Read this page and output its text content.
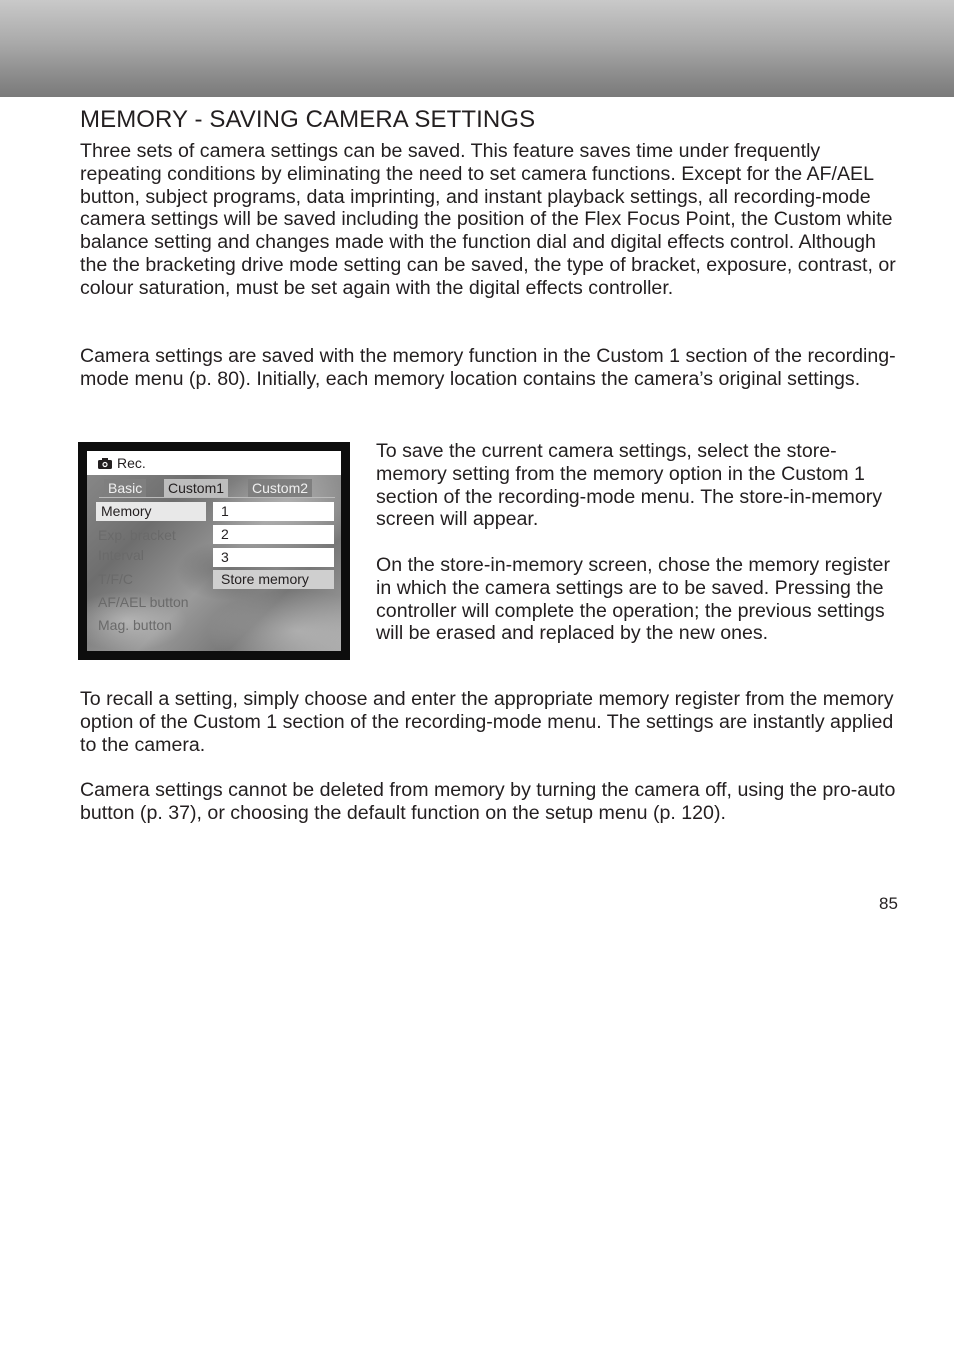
MEMORY - SAVING CAMERA SETTINGS

Three sets of camera settings can be saved. This feature saves time under frequently repeating conditions by eliminating the need to set camera functions. Except for the AF/AEL button, subject programs, data imprinting, and instant playback settings, all recording-mode camera settings will be saved including the position of the Flex Focus Point, the Custom white balance setting and changes made with the function dial and digital effects control. Although the the bracketing drive mode setting can be saved, the type of bracket, exposure, contrast, or colour saturation, must be set again with the digital effects controller.

Camera settings are saved with the memory function in the Custom 1 section of the recording-mode menu (p. 80). Initially, each memory location contains the camera’s original settings.

Rec.
Basic Custom1 Custom2
Memory
Exp. bracket
Interval
T/F/C
AF/AEL button
Mag. button
1
2
3
Store memory

To save the current camera settings, select the store-memory setting from the memory option in the Custom 1 section of the recording-mode menu. The store-in-memory screen will appear.

On the store-in-memory screen, chose the memory register in which the camera settings are to be saved. Pressing the controller will complete the operation; the previous settings will be erased and replaced by the new ones.

To recall a setting, simply choose and enter the appropriate memory register from the memory option of the Custom 1 section of the recording-mode menu. The settings are instantly applied to the camera.

Camera settings cannot be deleted from memory by turning the camera off, using the pro-auto button (p. 37), or choosing the default function on the setup menu (p. 120).

85
